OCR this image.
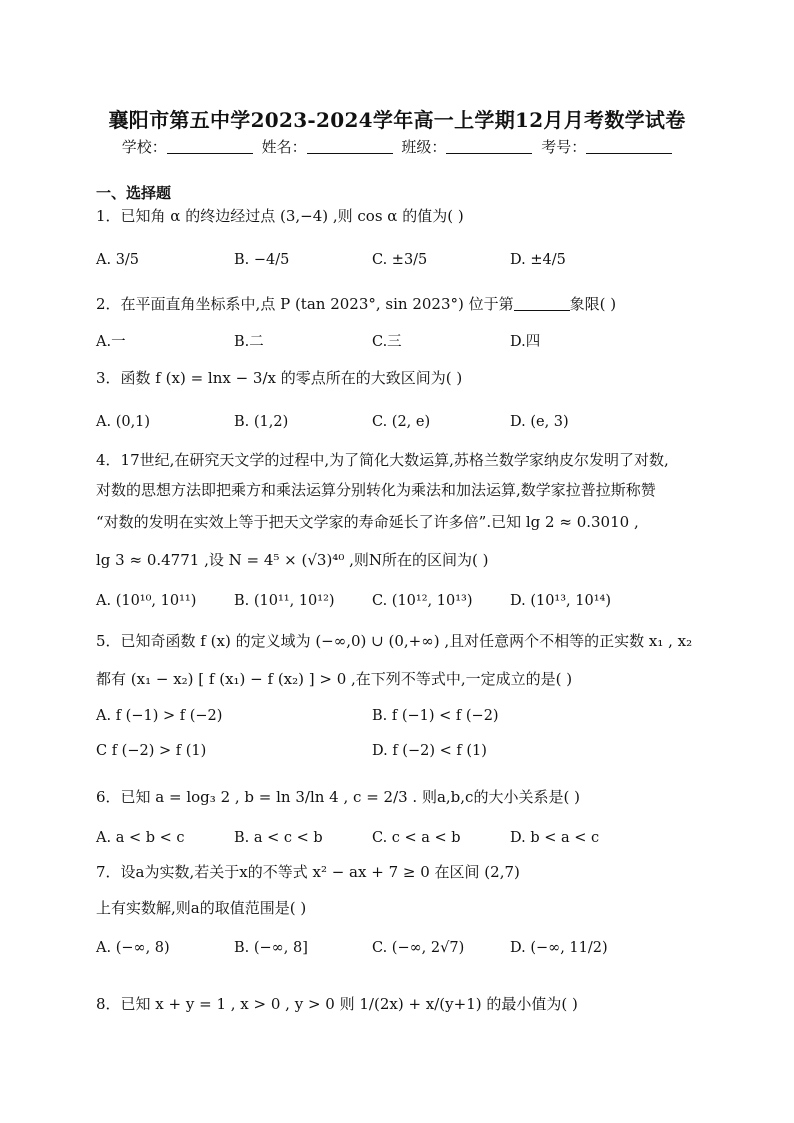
襄阳市第五中学2023-2024学年高一上学期12月月考数学试卷
学校：	姓名：	班级：	考号：
一、选择题
1．已知角 α 的终边经过点 (3,−4) ,则 cos α 的值为( )
A. 3/5	B. −4/5	C. ±3/5	D. ±4/5
2．在平面直角坐标系中,点 P (tan 2023°, sin 2023°) 位于第	象限( )
A.一	B.二	C.三	D.四
3．函数 f (x) = lnx − 3/x 的零点所在的大致区间为( )
A. (0,1)	B. (1,2)	C. (2, e)	D. (e, 3)
4．17世纪,在研究天文学的过程中,为了简化大数运算,苏格兰数学家纳皮尔发明了对数,
对数的思想方法即把乘方和乘法运算分别转化为乘法和加法运算,数学家拉普拉斯称赞
“对数的发明在实效上等于把天文学家的寿命延长了许多倍”.已知 lg 2 ≈ 0.3010 ,
lg 3 ≈ 0.4771 ,设 N = 4⁵ × (√3)⁴⁰ ,则N所在的区间为( )
A. (10¹⁰, 10¹¹)	B. (10¹¹, 10¹²)	C. (10¹², 10¹³)	D. (10¹³, 10¹⁴)
5．已知奇函数 f (x) 的定义域为 (−∞,0) ∪ (0,+∞) ,且对任意两个不相等的正实数 x₁ , x₂
都有 (x₁ − x₂) [ f (x₁) − f (x₂) ] > 0 ,在下列不等式中,一定成立的是( )
A. f (−1) > f (−2)	B. f (−1) < f (−2)
C f (−2) > f (1)	D. f (−2) < f (1)
6．已知 a = log₃ 2 , b = ln 3/ln 4 , c = 2/3 . 则a,b,c的大小关系是( )
A. a < b < c	B. a < c < b	C. c < a < b	D. b < a < c
7．设a为实数,若关于x的不等式 x² − ax + 7 ≥ 0 在区间 (2,7)
上有实数解,则a的取值范围是( )
A. (−∞, 8)	B. (−∞, 8]	C. (−∞, 2√7)	D. (−∞, 11/2)
8．已知 x + y = 1 , x > 0 , y > 0 则 1/(2x) + x/(y+1) 的最小值为( )
